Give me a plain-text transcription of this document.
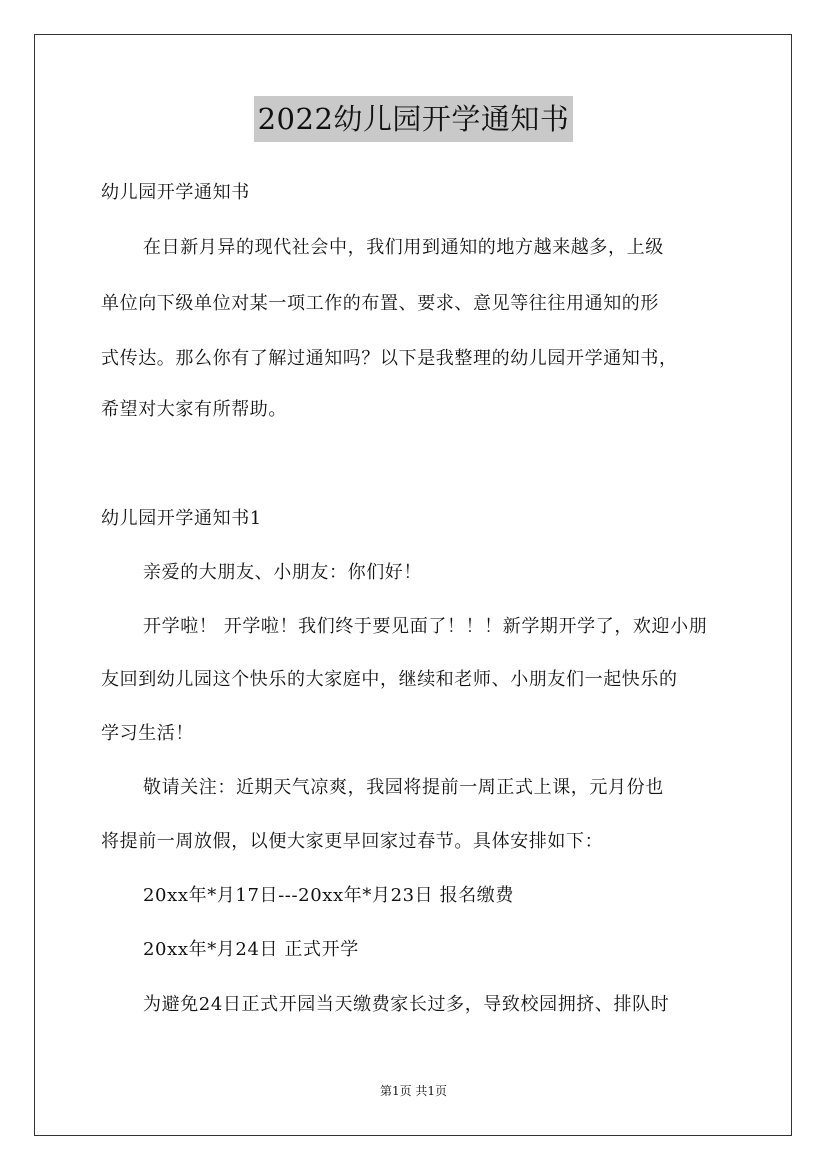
2022幼儿园开学通知书
幼儿园开学通知书
在日新月异的现代社会中，我们用到通知的地方越来越多，上级
单位向下级单位对某一项工作的布置、要求、意见等往往用通知的形
式传达。那么你有了解过通知吗？以下是我整理的幼儿园开学通知书，
希望对大家有所帮助。
幼儿园开学通知书1
亲爱的大朋友、小朋友：你们好！
开学啦！ 开学啦！我们终于要见面了！！！新学期开学了，欢迎小朋
友回到幼儿园这个快乐的大家庭中，继续和老师、小朋友们一起快乐的
学习生活！
敬请关注：近期天气凉爽，我园将提前一周正式上课，元月份也
将提前一周放假，以便大家更早回家过春节。具体安排如下：
20xx年*月17日---20xx年*月23日 报名缴费
20xx年*月24日 正式开学
为避免24日正式开园当天缴费家长过多，导致校园拥挤、排队时
第1页 共1页
